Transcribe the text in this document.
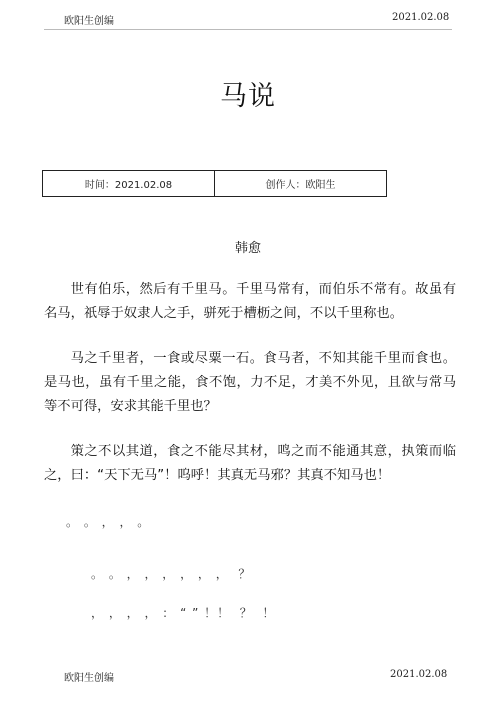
欧阳生创编	2021.02.08
马说
时间：2021.02.08	创作人：欧阳生
韩愈

世有伯乐，然后有千里马。千里马常有，而伯乐不常有。故虽有名马，祇辱于奴隶人之手，骈死于槽枥之间，不以千里称也。

马之千里者，一食或尽粟一石。食马者，不知其能千里而食也。是马也，虽有千里之能，食不饱，力不足，才美不外见，且欲与常马等不可得，安求其能千里也？

策之不以其道，食之不能尽其材，鸣之而不能通其意，执策而临之，曰：“天下无马”！呜呼！其真无马邪？其真不知马也！

。 。 ， ， 。
。 。 ， ， ， ， ， ，  ？
， ， ， ， ： “ ” ！！  ？  ！
欧阳生创编	2021.02.08
